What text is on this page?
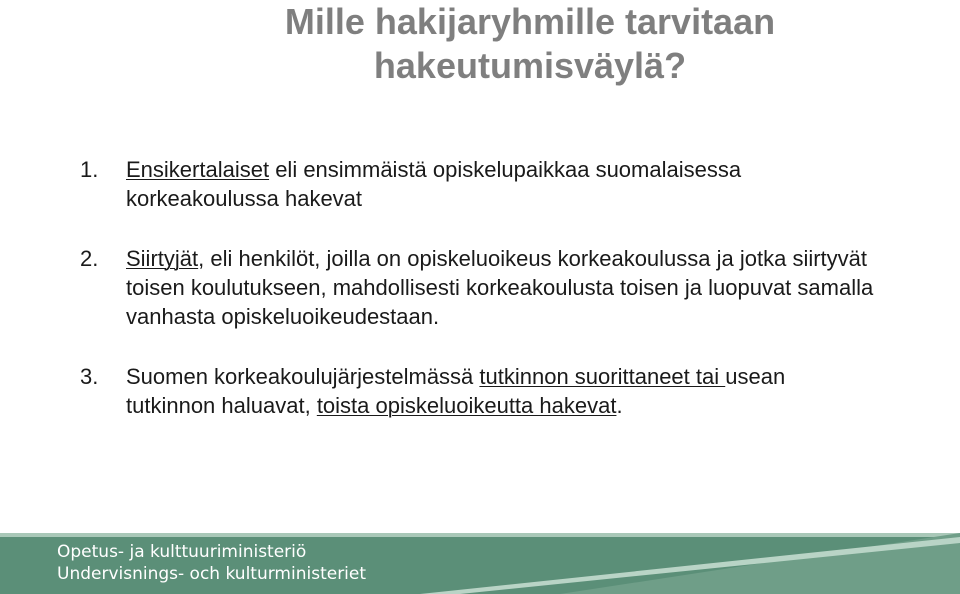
Mille hakijaryhmille tarvitaan
hakeutumisväylä?
1. Ensikertalaiset eli ensimmäistä opiskelupaikkaa suomalaisessa korkeakoulussa hakevat
2. Siirtyjät, eli henkilöt, joilla on opiskeluoikeus korkeakoulussa ja jotka siirtyvät toisen koulutukseen, mahdollisesti korkeakoulusta toisen ja luopuvat samalla vanhasta opiskeluoikeudestaan.
3. Suomen korkeakoulujärjestelmässä tutkinnon suorittaneet tai usean tutkinnon haluavat, toista opiskeluoikeutta hakevat.
Opetus- ja kulttuuriministeriö
Undervisnings- och kulturministeriet
